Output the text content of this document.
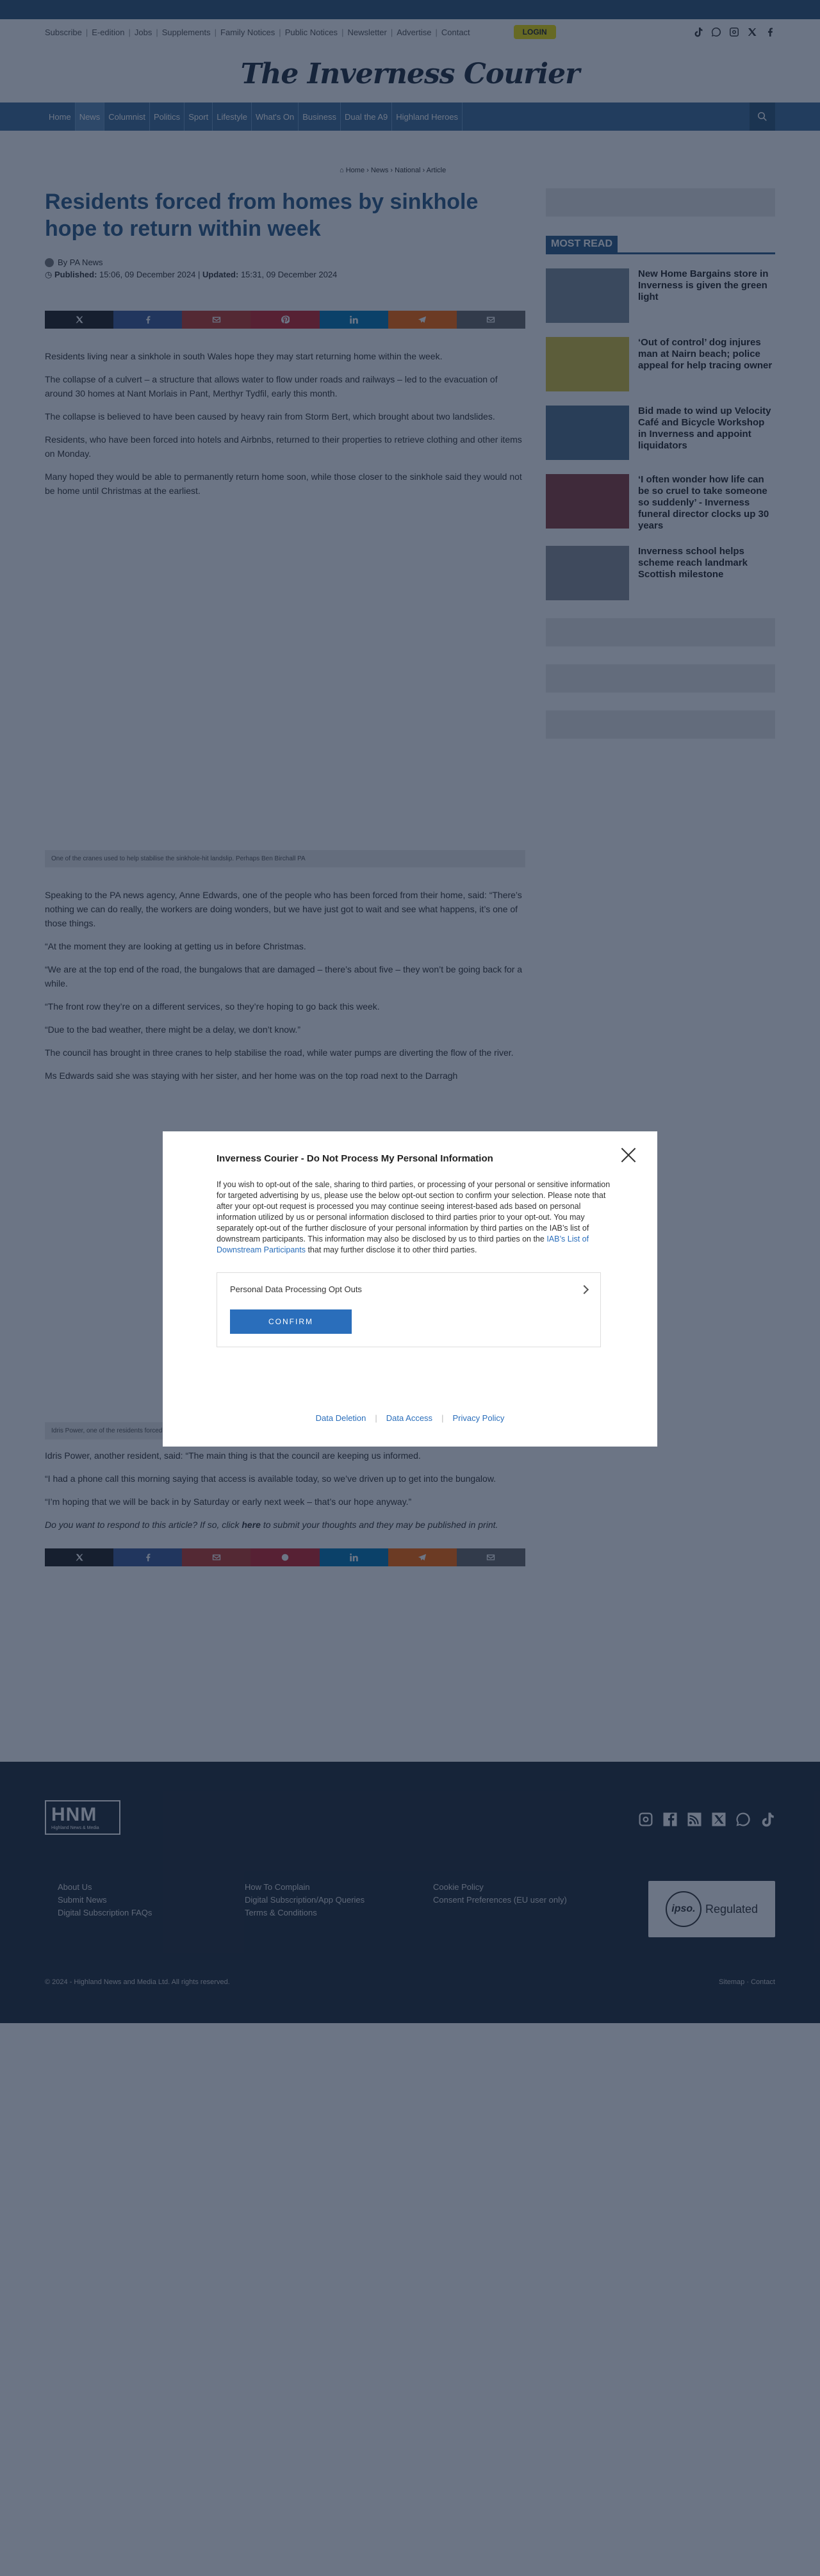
Inverness Courier - Do Not Process My Personal Information
If you wish to opt-out of the sale, sharing to third parties, or processing of your personal or sensitive information for targeted advertising by us, please use the below opt-out section to confirm your selection. Please note that after your opt-out request is processed you may continue seeing interest-based ads based on personal information utilized by us or personal information disclosed to third parties prior to your opt-out. You may separately opt-out of the further disclosure of your personal information by third parties on the IAB’s list of downstream participants. This information may also be disclosed by us to third parties on the IAB’s List of Downstream Participants that may further disclose it to other third parties.
Personal Data Processing Opt Outs
CONFIRM
Data Deletion | Data Access | Privacy Policy
